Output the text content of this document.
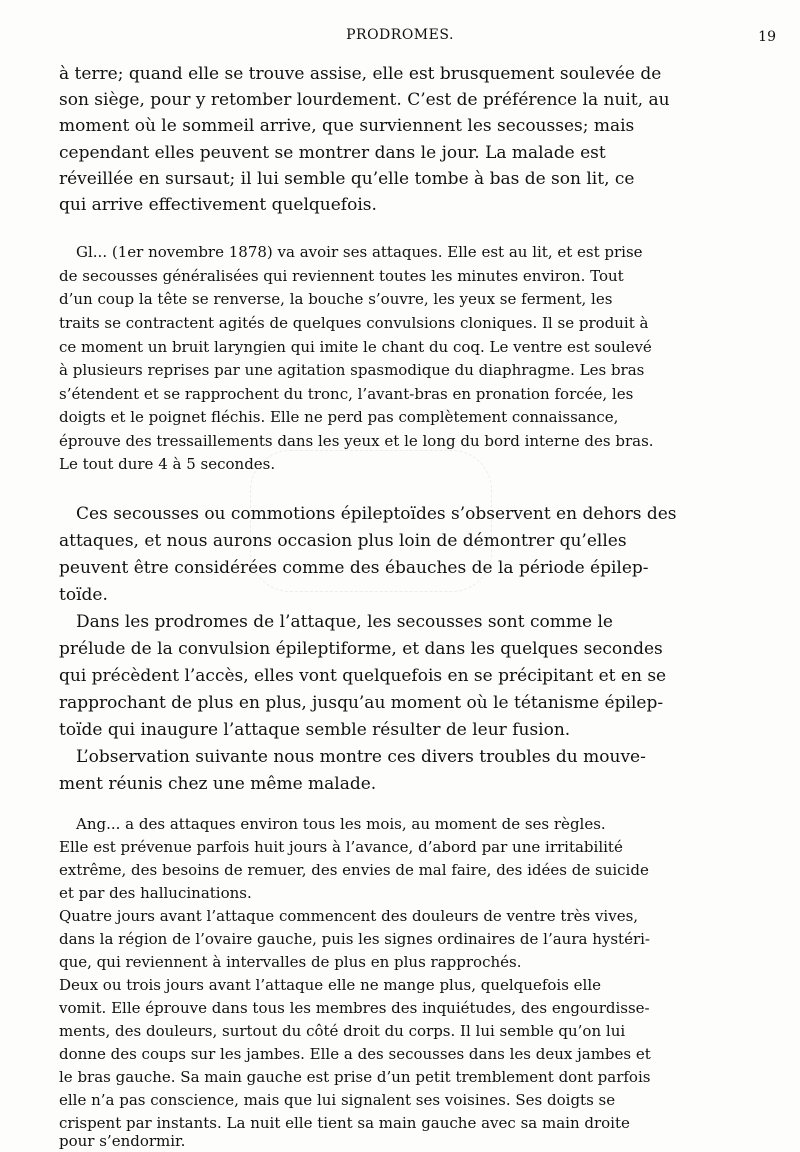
PRODROMES.	19
à terre; quand elle se trouve assise, elle est brusquement soulevée de
son siège, pour y retomber lourdement. C’est de préférence la nuit, au
moment où le sommeil arrive, que surviennent les secousses; mais
cependant elles peuvent se montrer dans le jour. La malade est
réveillée en sursaut; il lui semble qu’elle tombe à bas de son lit, ce
qui arrive effectivement quelquefois.
Gl... (1er novembre 1878) va avoir ses attaques. Elle est au lit, et est prise
de secousses généralisées qui reviennent toutes les minutes environ. Tout
d’un coup la tête se renverse, la bouche s’ouvre, les yeux se ferment, les
traits se contractent agités de quelques convulsions cloniques. Il se produit à
ce moment un bruit laryngien qui imite le chant du coq. Le ventre est soulevé
à plusieurs reprises par une agitation spasmodique du diaphragme. Les bras
s’étendent et se rapprochent du tronc, l’avant-bras en pronation forcée, les
doigts et le poignet fléchis. Elle ne perd pas complètement connaissance,
éprouve des tressaillements dans les yeux et le long du bord interne des bras.
Le tout dure 4 à 5 secondes.
Ces secousses ou commotions épileptoïdes s’observent en dehors des
attaques, et nous aurons occasion plus loin de démontrer qu’elles
peuvent être considérées comme des ébauches de la période épilep-
toïde.
Dans les prodromes de l’attaque, les secousses sont comme le
prélude de la convulsion épileptiforme, et dans les quelques secondes
qui précèdent l’accès, elles vont quelquefois en se précipitant et en se
rapprochant de plus en plus, jusqu’au moment où le tétanisme épilep-
toïde qui inaugure l’attaque semble résulter de leur fusion.
L’observation suivante nous montre ces divers troubles du mouve-
ment réunis chez une même malade.
Ang... a des attaques environ tous les mois, au moment de ses règles.
Elle est prévenue parfois huit jours à l’avance, d’abord par une irritabilité
extrême, des besoins de remuer, des envies de mal faire, des idées de suicide
et par des hallucinations.
Quatre jours avant l’attaque commencent des douleurs de ventre très vives,
dans la région de l’ovaire gauche, puis les signes ordinaires de l’aura hystéri-
que, qui reviennent à intervalles de plus en plus rapprochés.
Deux ou trois jours avant l’attaque elle ne mange plus, quelquefois elle
vomit. Elle éprouve dans tous les membres des inquiétudes, des engourdisse-
ments, des douleurs, surtout du côté droit du corps. Il lui semble qu’on lui
donne des coups sur les jambes. Elle a des secousses dans les deux jambes et
le bras gauche. Sa main gauche est prise d’un petit tremblement dont parfois
elle n’a pas conscience, mais que lui signalent ses voisines. Ses doigts se
crispent par instants. La nuit elle tient sa main gauche avec sa main droite
pour s’endormir.
